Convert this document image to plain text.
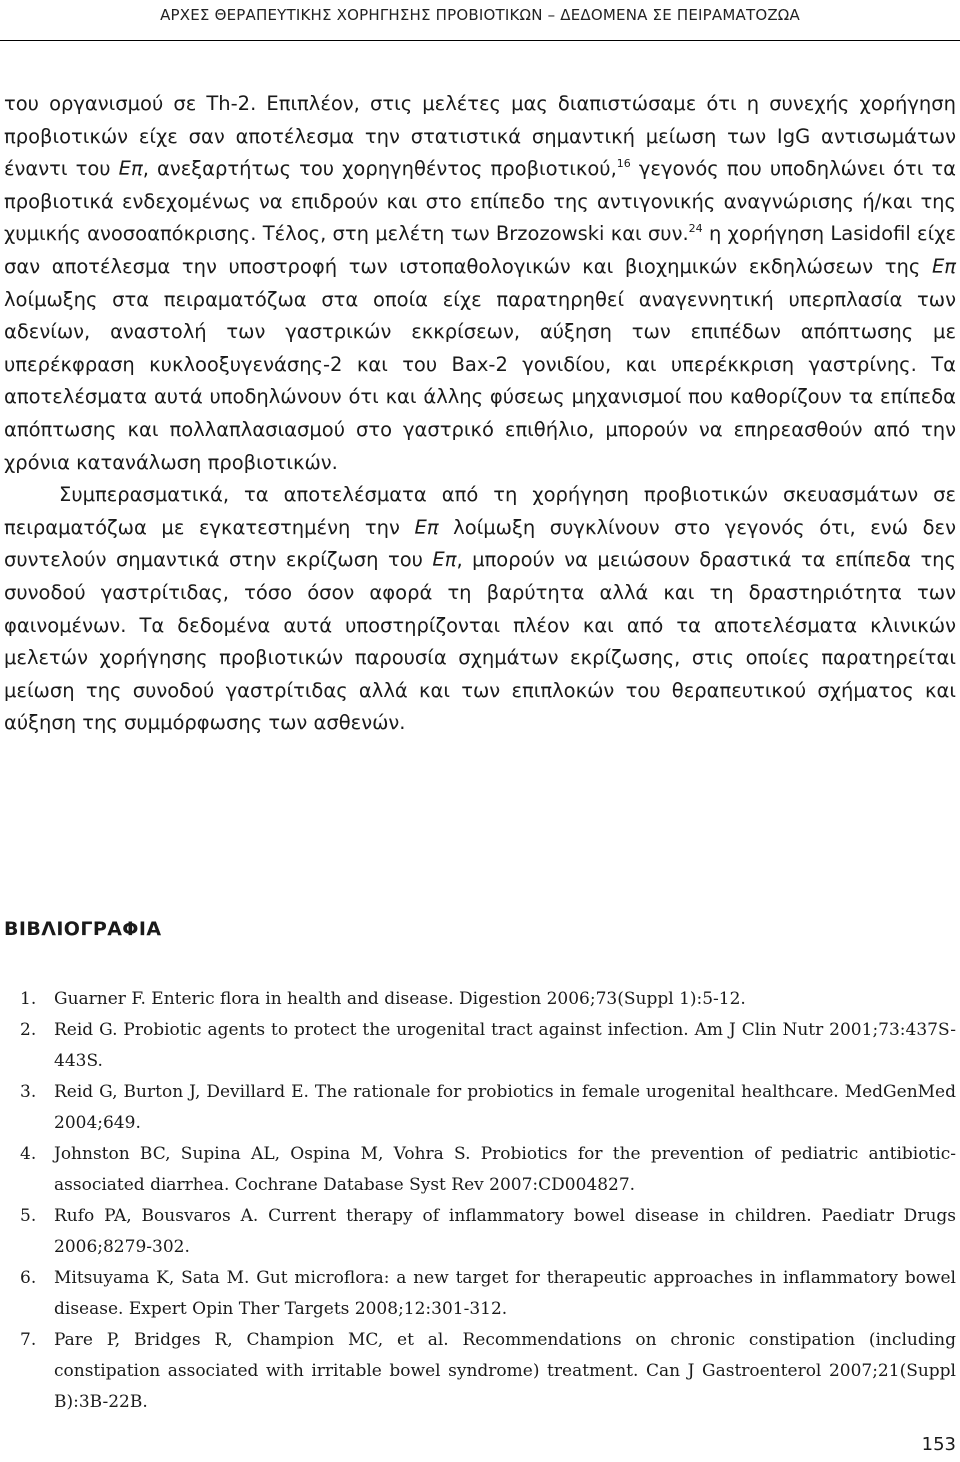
ΑΡΧΕΣ ΘΕΡΑΠΕΥΤΙΚΗΣ ΧΟΡΗΓΗΣΗΣ ΠΡΟΒΙΟΤΙΚΩΝ – ΔΕΔΟΜΕΝΑ ΣΕ ΠΕΙΡΑΜΑΤΟΖΩΑ

του οργανισμού σε Th-2. Επιπλέον, στις μελέτες μας διαπιστώσαμε ότι η συνεχής χορήγηση προβιοτικών είχε σαν αποτέλεσμα την στατιστικά σημαντική μείωση των IgG αντισωμάτων έναντι του Επ, ανεξαρτήτως του χορηγηθέντος προβιοτικού,$^{16}$ γεγονός που υποδηλώνει ότι τα προβιοτικά ενδεχομένως να επιδρούν και στο επίπεδο της αντιγονικής αναγνώρισης ή/και της χυμικής ανοσοαπόκρισης. Τέλος, στη μελέτη των Brzozowski και συν.$^{24}$ η χορήγηση Lasidofil είχε σαν αποτέλεσμα την υποστροφή των ιστοπαθολογικών και βιοχημικών εκδηλώσεων της Επ λοίμωξης στα πειραματόζωα στα οποία είχε παρατηρηθεί αναγεννητική υπερπλασία των αδενίων, αναστολή των γαστρικών εκκρίσεων, αύξηση των επιπέδων απόπτωσης με υπερέκφραση κυκλοοξυγενάσης-2 και του Bax-2 γονιδίου, και υπερέκκριση γαστρίνης. Τα αποτελέσματα αυτά υποδηλώνουν ότι και άλλης φύσεως μηχανισμοί που καθορίζουν τα επίπεδα απόπτωσης και πολλαπλασιασμού στο γαστρικό επιθήλιο, μπορούν να επηρεασθούν από την χρόνια κατανάλωση προβιοτικών.

Συμπερασματικά, τα αποτελέσματα από τη χορήγηση προβιοτικών σκευασμάτων σε πειραματόζωα με εγκατεστημένη την Επ λοίμωξη συγκλίνουν στο γεγονός ότι, ενώ δεν συντελούν σημαντικά στην εκρίζωση του Επ, μπορούν να μειώσουν δραστικά τα επίπεδα της συνοδού γαστρίτιδας, τόσο όσον αφορά τη βαρύτητα αλλά και τη δραστηριότητα των φαινομένων. Τα δεδομένα αυτά υποστηρίζονται πλέον και από τα αποτελέσματα κλινικών μελετών χορήγησης προβιοτικών παρουσία σχημάτων εκρίζωσης, στις οποίες παρατηρείται μείωση της συνοδού γαστρίτιδας αλλά και των επιπλοκών του θεραπευτικού σχήματος και αύξηση της συμμόρφωσης των ασθενών.

ΒΙΒΛΙΟΓΡΑΦΙΑ
1.	Guarner F. Enteric flora in health and disease. Digestion 2006;73(Suppl 1):5-12.
2.	Reid G. Probiotic agents to protect the urogenital tract against infection. Am J Clin Nutr 2001;73:437S-443S.
3.	Reid G, Burton J, Devillard E. The rationale for probiotics in female urogenital healthcare. MedGenMed 2004;649.
4.	Johnston BC, Supina AL, Ospina M, Vohra S. Probiotics for the prevention of pediatric antibiotic-associated diarrhea. Cochrane Database Syst Rev 2007:CD004827.
5.	Rufo PA, Bousvaros A. Current therapy of inflammatory bowel disease in children. Paediatr Drugs 2006;8279-302.
6.	Mitsuyama K, Sata M. Gut microflora: a new target for therapeutic approaches in inflammatory bowel disease. Expert Opin Ther Targets 2008;12:301-312.
7.	Pare P, Bridges R, Champion MC, et al. Recommendations on chronic constipation (including constipation associated with irritable bowel syndrome) treatment. Can J Gastroenterol 2007;21(Suppl B):3B-22B.
153
